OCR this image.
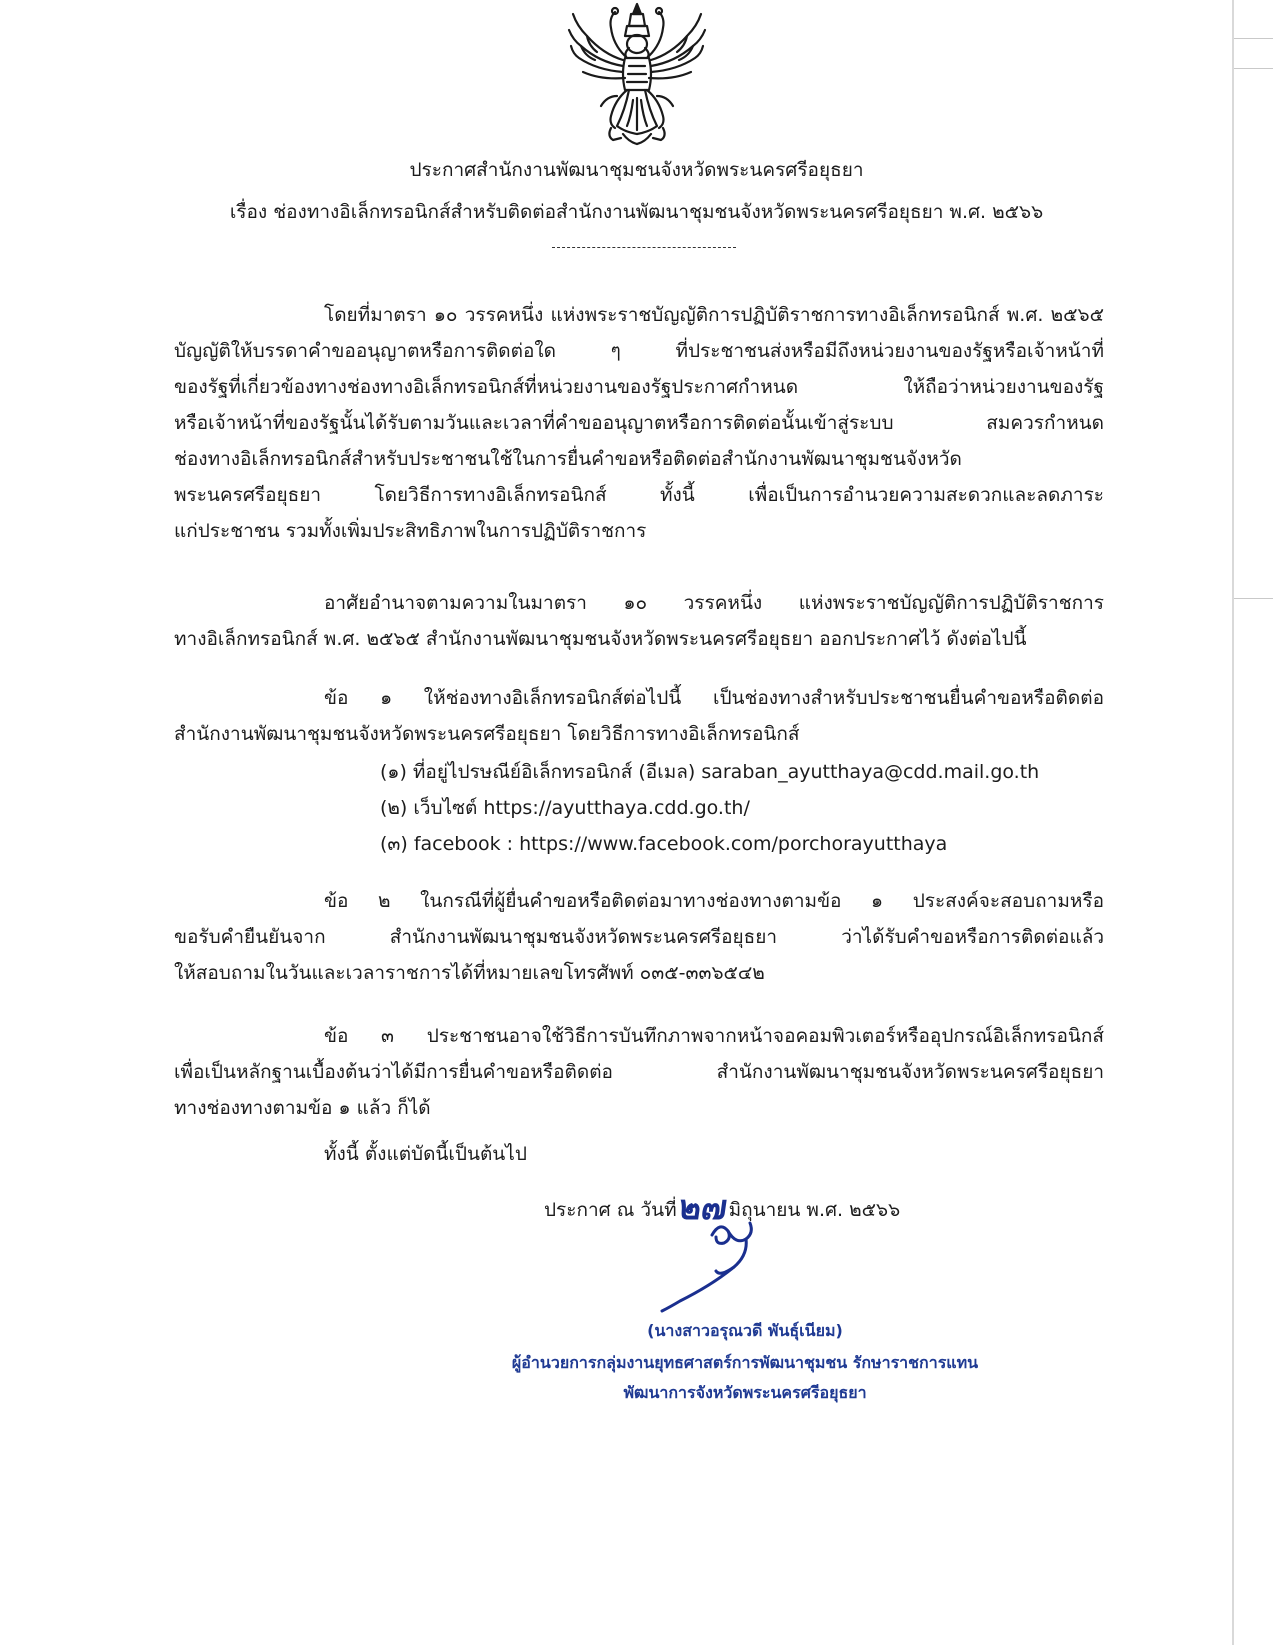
ประกาศสำนักงานพัฒนาชุมชนจังหวัดพระนครศรีอยุธยา
เรื่อง ช่องทางอิเล็กทรอนิกส์สำหรับติดต่อสำนักงานพัฒนาชุมชนจังหวัดพระนครศรีอยุธยา พ.ศ. ๒๕๖๖

โดยที่มาตรา ๑๐ วรรคหนึ่ง แห่งพระราชบัญญัติการปฏิบัติราชการทางอิเล็กทรอนิกส์ พ.ศ. ๒๕๖๕
บัญญัติให้บรรดาคำขออนุญาตหรือการติดต่อใด ๆ ที่ประชาชนส่งหรือมีถึงหน่วยงานของรัฐหรือเจ้าหน้าที่
ของรัฐที่เกี่ยวข้องทางช่องทางอิเล็กทรอนิกส์ที่หน่วยงานของรัฐประกาศกำหนด ให้ถือว่าหน่วยงานของรัฐ
หรือเจ้าหน้าที่ของรัฐนั้นได้รับตามวันและเวลาที่คำขออนุญาตหรือการติดต่อนั้นเข้าสู่ระบบ สมควรกำหนด
ช่องทางอิเล็กทรอนิกส์สำหรับประชาชนใช้ในการยื่นคำขอหรือติดต่อสำนักงานพัฒนาชุมชนจังหวัด
พระนครศรีอยุธยา โดยวิธีการทางอิเล็กทรอนิกส์ ทั้งนี้ เพื่อเป็นการอำนวยความสะดวกและลดภาระ
แก่ประชาชน รวมทั้งเพิ่มประสิทธิภาพในการปฏิบัติราชการ

อาศัยอำนาจตามความในมาตรา ๑๐ วรรคหนึ่ง แห่งพระราชบัญญัติการปฏิบัติราชการ
ทางอิเล็กทรอนิกส์ พ.ศ. ๒๕๖๕ สำนักงานพัฒนาชุมชนจังหวัดพระนครศรีอยุธยา ออกประกาศไว้ ดังต่อไปนี้

ข้อ ๑ ให้ช่องทางอิเล็กทรอนิกส์ต่อไปนี้ เป็นช่องทางสำหรับประชาชนยื่นคำขอหรือติดต่อ
สำนักงานพัฒนาชุมชนจังหวัดพระนครศรีอยุธยา โดยวิธีการทางอิเล็กทรอนิกส์

(๑) ที่อยู่ไปรษณีย์อิเล็กทรอนิกส์ (อีเมล) saraban_ayutthaya@cdd.mail.go.th
(๒) เว็บไซต์ https://ayutthaya.cdd.go.th/
(๓) facebook : https://www.facebook.com/porchorayutthaya

ข้อ ๒ ในกรณีที่ผู้ยื่นคำขอหรือติดต่อมาทางช่องทางตามข้อ ๑ ประสงค์จะสอบถามหรือ
ขอรับคำยืนยันจาก สำนักงานพัฒนาชุมชนจังหวัดพระนครศรีอยุธยา ว่าได้รับคำขอหรือการติดต่อแล้ว
ให้สอบถามในวันและเวลาราชการได้ที่หมายเลขโทรศัพท์ ๐๓๕-๓๓๖๕๔๒

ข้อ ๓ ประชาชนอาจใช้วิธีการบันทึกภาพจากหน้าจอคอมพิวเตอร์หรืออุปกรณ์อิเล็กทรอนิกส์
เพื่อเป็นหลักฐานเบื้องต้นว่าได้มีการยื่นคำขอหรือติดต่อ สำนักงานพัฒนาชุมชนจังหวัดพระนครศรีอยุธยา
ทางช่องทางตามข้อ ๑ แล้ว ก็ได้

ทั้งนี้ ตั้งแต่บัดนี้เป็นต้นไป
ประกาศ ณ วันที่๒๗มิถุนายน พ.ศ. ๒๕๖๖
(นางสาวอรุณวดี พันธุ์เนียม)
ผู้อำนวยการกลุ่มงานยุทธศาสตร์การพัฒนาชุมชน รักษาราชการแทน
พัฒนาการจังหวัดพระนครศรีอยุธยา
